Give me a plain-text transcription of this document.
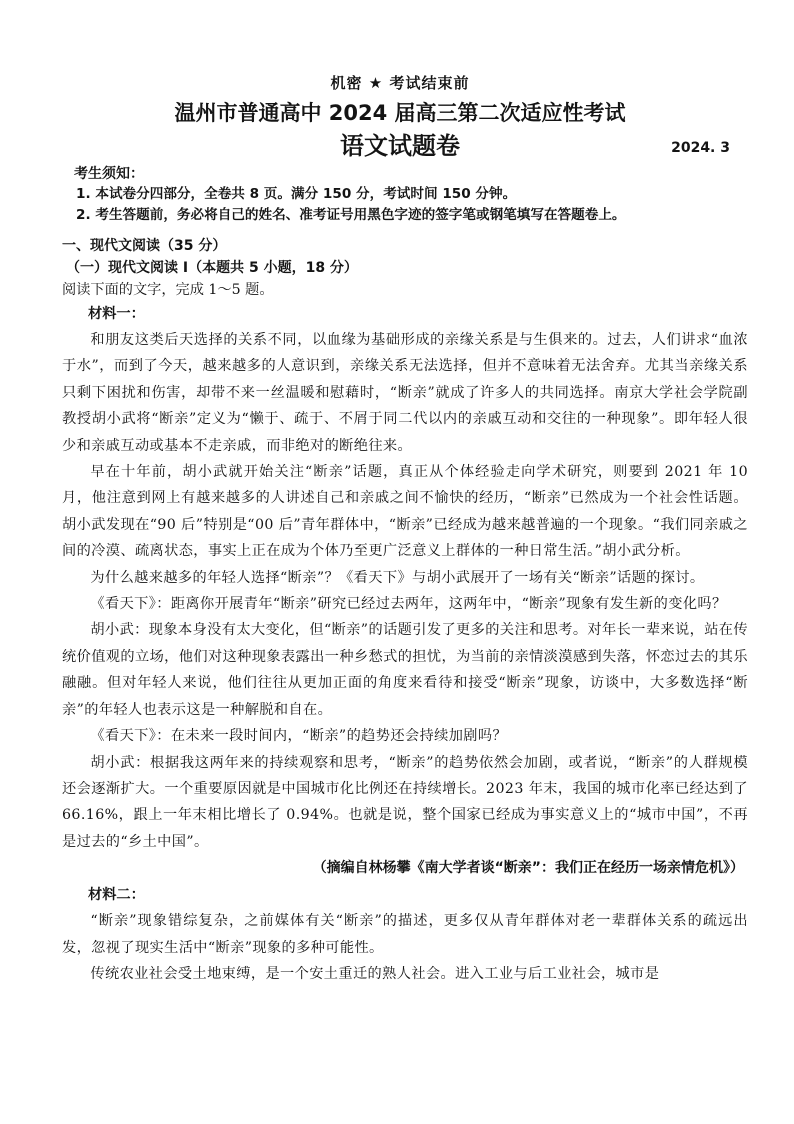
机密 ★ 考试结束前
温州市普通高中 2024 届高三第二次适应性考试
语文试题卷	2024. 3
考生须知：
1. 本试卷分四部分，全卷共 8 页。满分 150 分，考试时间 150 分钟。
2. 考生答题前，务必将自己的姓名、准考证号用黑色字迹的签字笔或钢笔填写在答题卷上。
一、现代文阅读（35 分）
（一）现代文阅读 I（本题共 5 小题，18 分）
阅读下面的文字，完成 1～5 题。
材料一：

和朋友这类后天选择的关系不同，以血缘为基础形成的亲缘关系是与生俱来的。过去，人们讲求“血浓于水”，而到了今天，越来越多的人意识到，亲缘关系无法选择，但并不意味着无法舍弃。尤其当亲缘关系只剩下困扰和伤害，却带不来一丝温暖和慰藉时，“断亲”就成了许多人的共同选择。南京大学社会学院副教授胡小武将“断亲”定义为“懒于、疏于、不屑于同二代以内的亲戚互动和交往的一种现象”。即年轻人很少和亲戚互动或基本不走亲戚，而非绝对的断绝往来。

早在十年前，胡小武就开始关注“断亲”话题，真正从个体经验走向学术研究，则要到 2021 年 10 月，他注意到网上有越来越多的人讲述自己和亲戚之间不愉快的经历，“断亲”已然成为一个社会性话题。胡小武发现在“90 后”特别是“00 后”青年群体中，“断亲”已经成为越来越普遍的一个现象。“我们同亲戚之间的冷漠、疏离状态，事实上正在成为个体乃至更广泛意义上群体的一种日常生活。”胡小武分析。

为什么越来越多的年轻人选择“断亲”？《看天下》与胡小武展开了一场有关“断亲”话题的探讨。

《看天下》：距离你开展青年“断亲”研究已经过去两年，这两年中，“断亲”现象有发生新的变化吗？

胡小武：现象本身没有太大变化，但“断亲”的话题引发了更多的关注和思考。对年长一辈来说，站在传统价值观的立场，他们对这种现象表露出一种乡愁式的担忧，为当前的亲情淡漠感到失落，怀恋过去的其乐融融。但对年轻人来说，他们往往从更加正面的角度来看待和接受“断亲”现象，访谈中，大多数选择“断亲”的年轻人也表示这是一种解脱和自在。

《看天下》：在未来一段时间内，“断亲”的趋势还会持续加剧吗？

胡小武：根据我这两年来的持续观察和思考，“断亲”的趋势依然会加剧，或者说，“断亲”的人群规模还会逐渐扩大。一个重要原因就是中国城市化比例还在持续增长。2023 年末，我国的城市化率已经达到了 66.16%，跟上一年末相比增长了 0.94%。也就是说，整个国家已经成为事实意义上的“城市中国”，不再是过去的“乡土中国”。

（摘编自林杨攀《南大学者谈“断亲”：我们正在经历一场亲情危机》）
材料二：

“断亲”现象错综复杂，之前媒体有关“断亲”的描述，更多仅从青年群体对老一辈群体关系的疏远出发，忽视了现实生活中“断亲”现象的多种可能性。

传统农业社会受土地束缚，是一个安土重迁的熟人社会。进入工业与后工业社会，城市是
